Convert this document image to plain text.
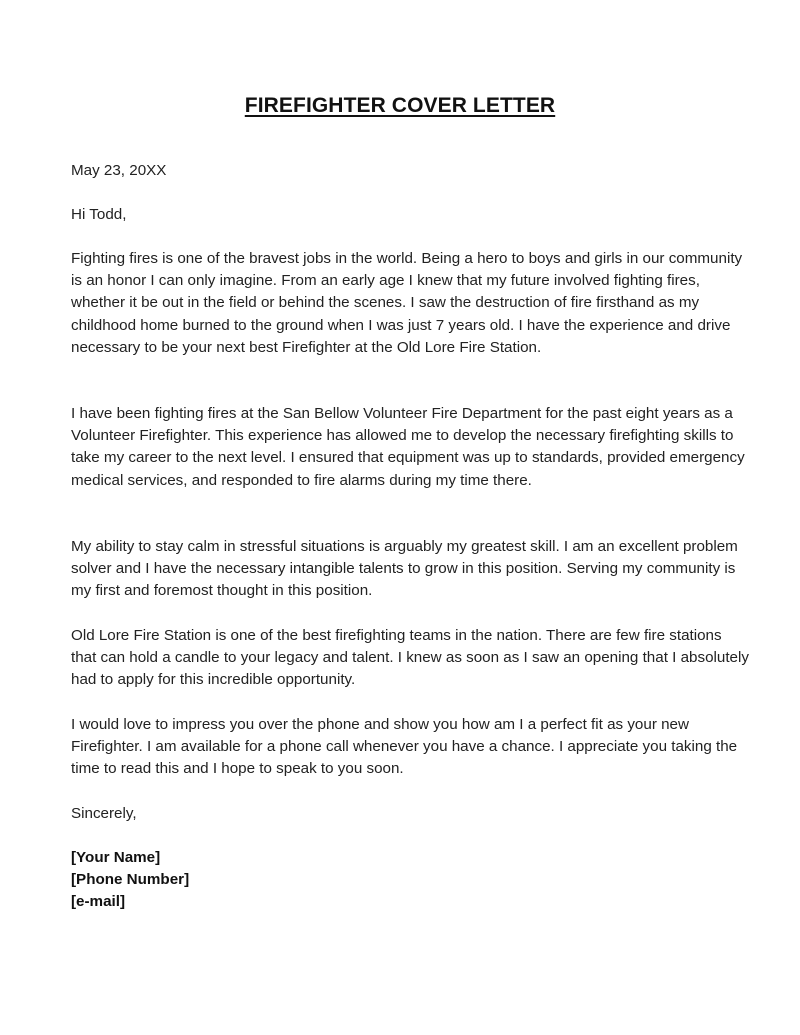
FIREFIGHTER COVER LETTER

May 23, 20XX

Hi Todd,

Fighting fires is one of the bravest jobs in the world. Being a hero to boys and girls in our community is an honor I can only imagine. From an early age I knew that my future involved fighting fires, whether it be out in the field or behind the scenes. I saw the destruction of fire firsthand as my childhood home burned to the ground when I was just 7 years old. I have the experience and drive necessary to be your next best Firefighter at the Old Lore Fire Station.

I have been fighting fires at the San Bellow Volunteer Fire Department for the past eight years as a Volunteer Firefighter. This experience has allowed me to develop the necessary firefighting skills to take my career to the next level. I ensured that equipment was up to standards, provided emergency medical services, and responded to fire alarms during my time there.

My ability to stay calm in stressful situations is arguably my greatest skill. I am an excellent problem solver and I have the necessary intangible talents to grow in this position. Serving my community is my first and foremost thought in this position.

Old Lore Fire Station is one of the best firefighting teams in the nation. There are few fire stations that can hold a candle to your legacy and talent. I knew as soon as I saw an opening that I absolutely had to apply for this incredible opportunity.

I would love to impress you over the phone and show you how am I a perfect fit as your new Firefighter. I am available for a phone call whenever you have a chance. I appreciate you taking the time to read this and I hope to speak to you soon.

Sincerely,

[Your Name]
[Phone Number]
[e-mail]
